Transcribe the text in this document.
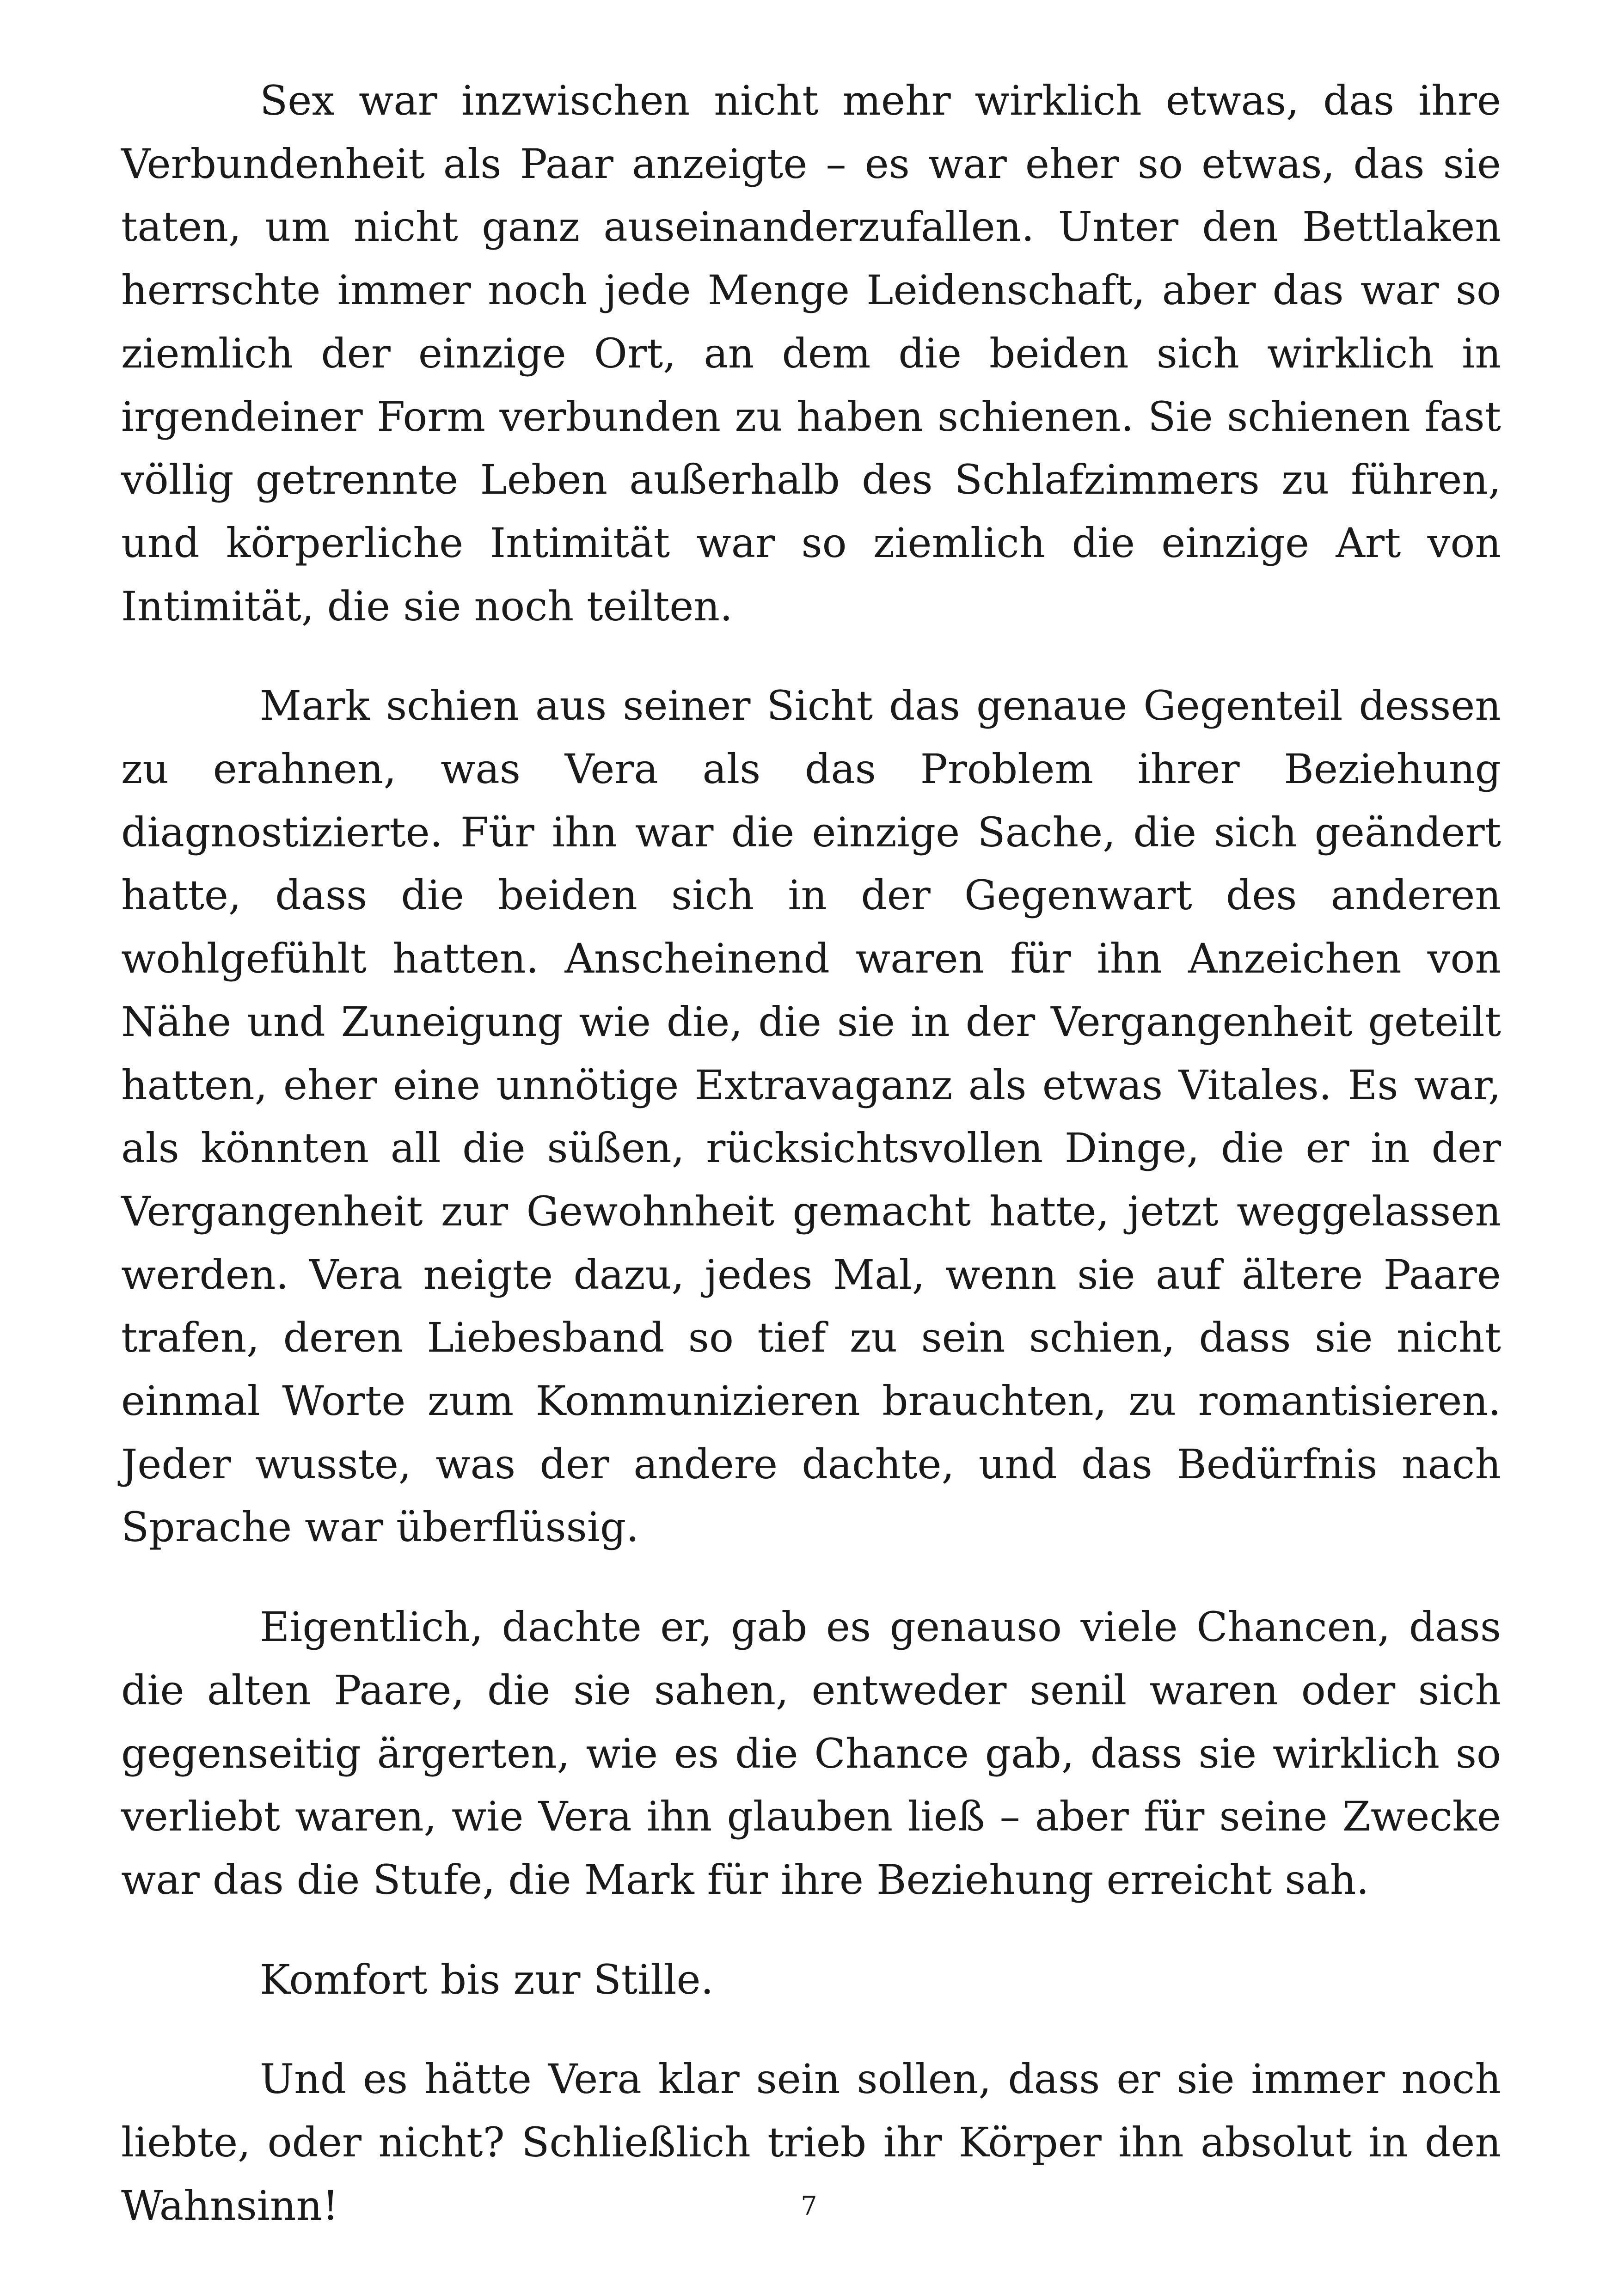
Sex war inzwischen nicht mehr wirklich etwas, das ihre Verbundenheit als Paar anzeigte – es war eher so etwas, das sie taten, um nicht ganz auseinanderzufallen. Unter den Bettlaken herrschte immer noch jede Menge Leidenschaft, aber das war so ziemlich der einzige Ort, an dem die beiden sich wirklich in irgendeiner Form verbunden zu haben schienen. Sie schienen fast völlig getrennte Leben außerhalb des Schlafzimmers zu führen, und körperliche Intimität war so ziemlich die einzige Art von Intimität, die sie noch teilten.

Mark schien aus seiner Sicht das genaue Gegenteil dessen zu erahnen, was Vera als das Problem ihrer Beziehung diagnostizierte. Für ihn war die einzige Sache, die sich geändert hatte, dass die beiden sich in der Gegenwart des anderen wohlgefühlt hatten. Anscheinend waren für ihn Anzeichen von Nähe und Zuneigung wie die, die sie in der Vergangenheit geteilt hatten, eher eine unnötige Extravaganz als etwas Vitales. Es war, als könnten all die süßen, rücksichtsvollen Dinge, die er in der Vergangenheit zur Gewohnheit gemacht hatte, jetzt weggelassen werden. Vera neigte dazu, jedes Mal, wenn sie auf ältere Paare trafen, deren Liebesband so tief zu sein schien, dass sie nicht einmal Worte zum Kommunizieren brauchten, zu romantisieren. Jeder wusste, was der andere dachte, und das Bedürfnis nach Sprache war überflüssig.

Eigentlich, dachte er, gab es genauso viele Chancen, dass die alten Paare, die sie sahen, entweder senil waren oder sich gegenseitig ärgerten, wie es die Chance gab, dass sie wirklich so verliebt waren, wie Vera ihn glauben ließ – aber für seine Zwecke war das die Stufe, die Mark für ihre Beziehung erreicht sah.

Komfort bis zur Stille.

Und es hätte Vera klar sein sollen, dass er sie immer noch liebte, oder nicht? Schließlich trieb ihr Körper ihn absolut in den Wahnsinn!	7
